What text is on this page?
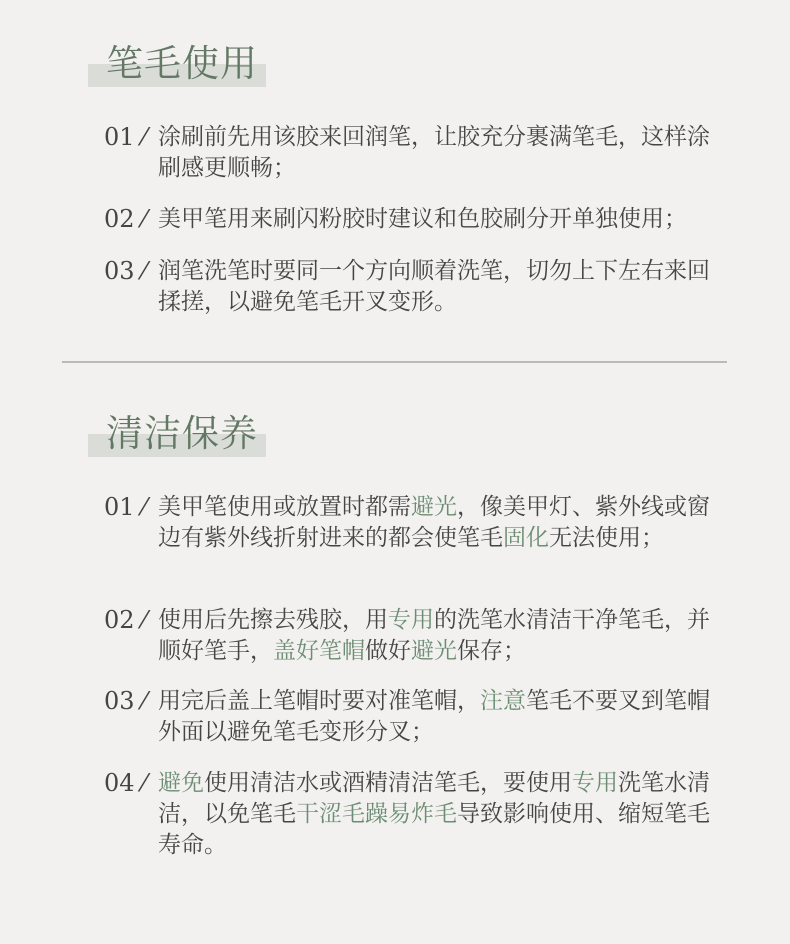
笔毛使用
01 ⁄ 涂刷前先用该胶来回润笔，让胶充分裹满笔毛，这样涂刷感更顺畅；
02 ⁄ 美甲笔用来刷闪粉胶时建议和色胶刷分开单独使用；
03 ⁄ 润笔洗笔时要同一个方向顺着洗笔，切勿上下左右来回揉搓，以避免笔毛开叉变形。
清洁保养
01 ⁄ 美甲笔使用或放置时都需避光，像美甲灯、紫外线或窗边有紫外线折射进来的都会使笔毛固化无法使用；
02 ⁄ 使用后先擦去残胶，用专用的洗笔水清洁干净笔毛，并顺好笔手，盖好笔帽做好避光保存；
03 ⁄ 用完后盖上笔帽时要对准笔帽，注意笔毛不要叉到笔帽外面以避免笔毛变形分叉；
04 ⁄ 避免使用清洁水或酒精清洁笔毛，要使用专用洗笔水清洁，以免笔毛干涩毛躁易炸毛导致影响使用、缩短笔毛寿命。
